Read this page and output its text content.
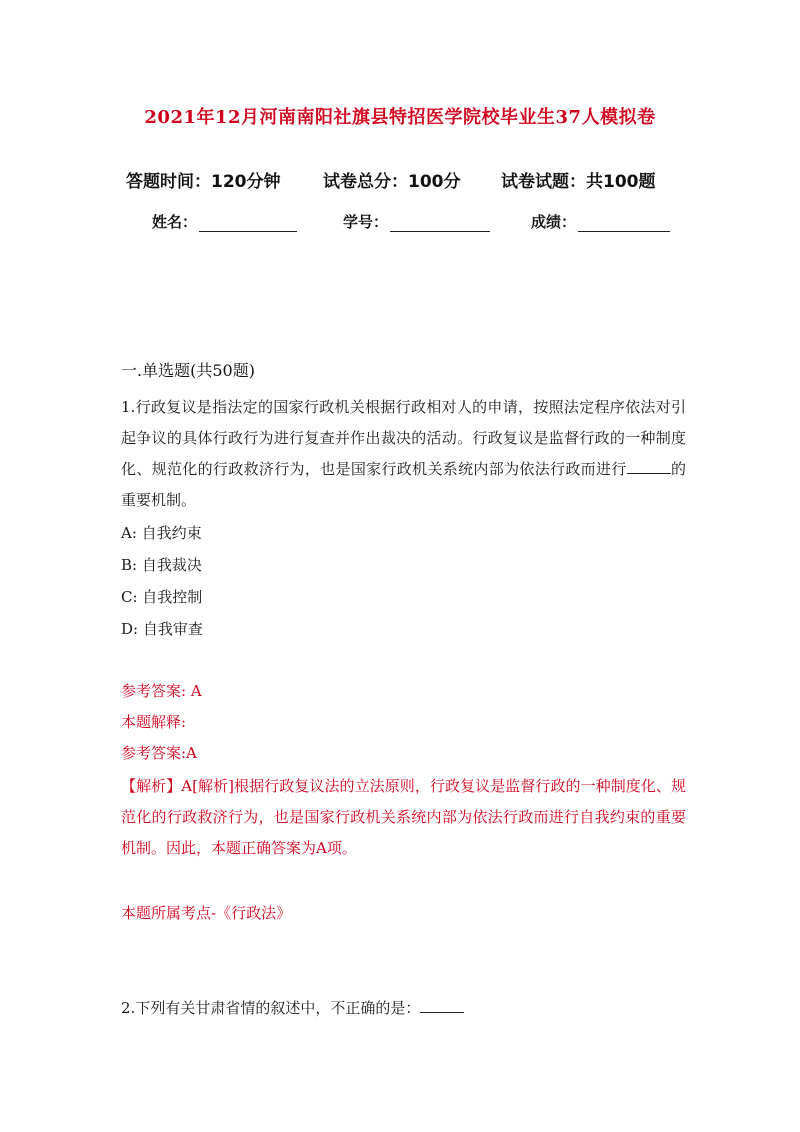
2021年12月河南南阳社旗县特招医学院校毕业生37人模拟卷
答题时间：120分钟	试卷总分：100分 试卷试题：共100题
姓名：	学号：	成绩：
一.单选题(共50题)
1.行政复议是指法定的国家行政机关根据行政相对人的申请，按照法定程序依法对引起争议的具体行政行为进行复查并作出裁决的活动。行政复议是监督行政的一种制度化、规范化的行政救济行为，也是国家行政机关系统内部为依法行政而进行	的重要机制。
A: 自我约束
B: 自我裁决
C: 自我控制
D: 自我审查
参考答案: A
本题解释:
参考答案:A
【解析】A[解析]根据行政复议法的立法原则，行政复议是监督行政的一种制度化、规范化的行政救济行为，也是国家行政机关系统内部为依法行政而进行自我约束的重要机制。因此，本题正确答案为A项。
本题所属考点-《行政法》
2.下列有关甘肃省情的叙述中，不正确的是：
